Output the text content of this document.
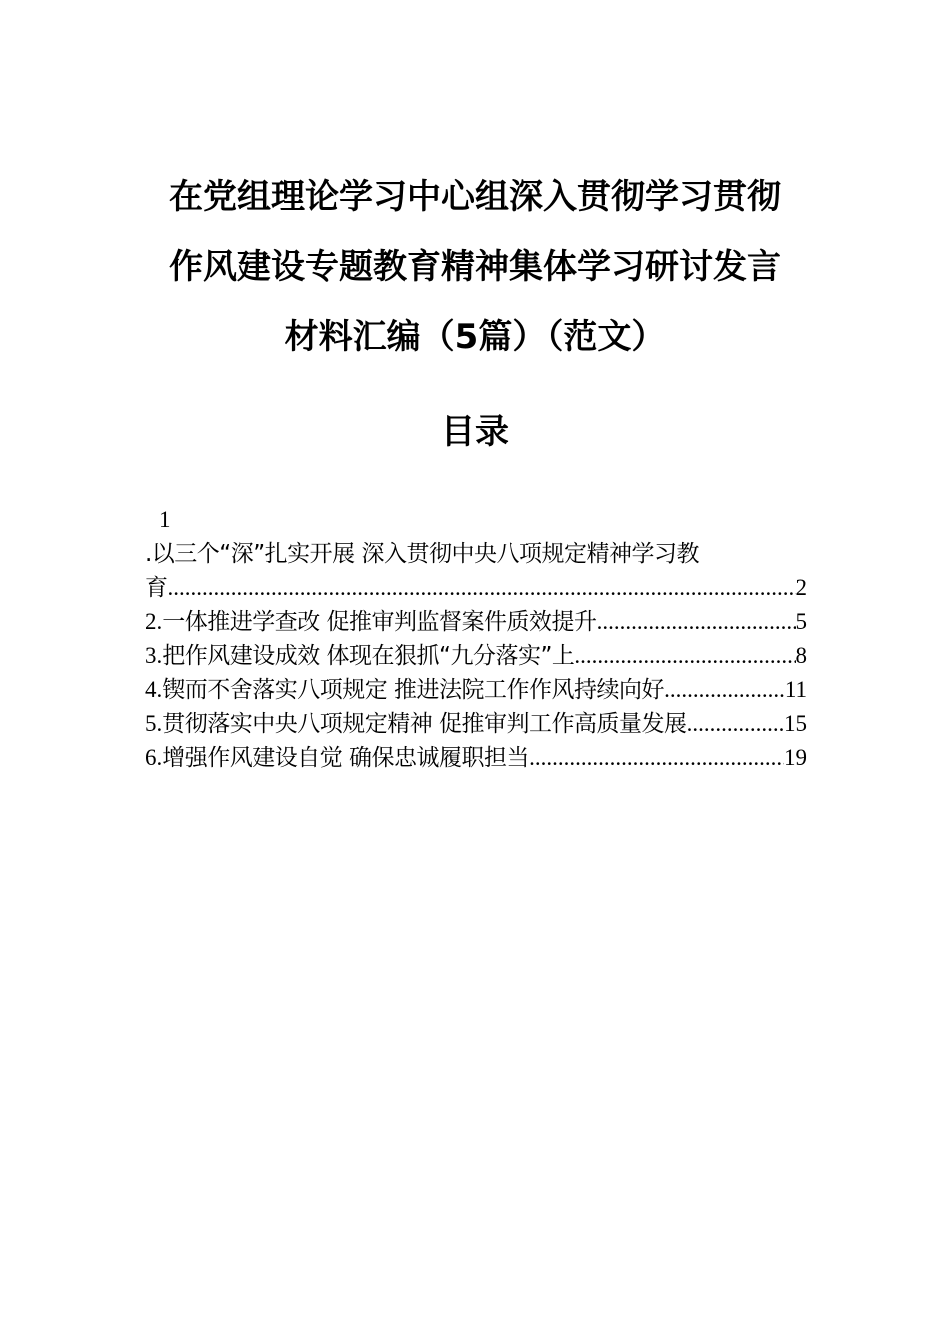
在党组理论学习中心组深入贯彻学习贯彻
作风建设专题教育精神集体学习研讨发言
材料汇编（5篇）（范文）
目录
1
.以三个“深”扎实开展 深入贯彻中央八项规定精神学习教
育 .....	2
2. 一体推进学查改 促推审判监督案件质效提升 .....	5
3. 把作风建设成效 体现在狠抓“九分落实”上 .....	8
4. 锲而不舍落实八项规定 推进法院工作作风持续向好 .....	11
5. 贯彻落实中央八项规定精神 促推审判工作高质量发展 .....	15
6. 增强作风建设自觉 确保忠诚履职担当 .....	19
